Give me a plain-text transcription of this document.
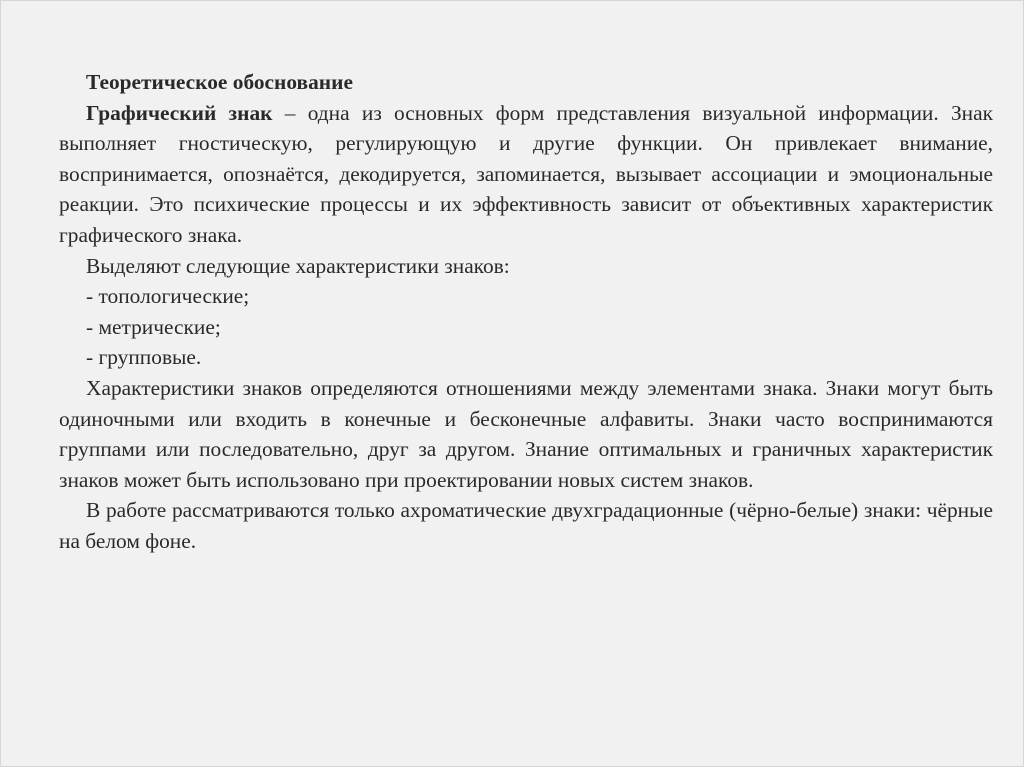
Теоретическое обоснование

Графический знак – одна из основных форм представления визуальной информации. Знак выполняет гностическую, регулирующую и другие функции. Он привлекает внимание, воспринимается, опознаётся, декодируется, запоминается, вызывает ассоциации и эмоциональные реакции. Это психические процессы и их эффективность зависит от объективных характеристик графического знака.

Выделяют следующие характеристики знаков:

- топологические;

- метрические;

- групповые.

Характеристики знаков определяются отношениями между элементами знака. Знаки могут быть одиночными или входить в конечные и бесконечные алфавиты. Знаки часто воспринимаются группами или последовательно, друг за другом. Знание оптимальных и граничных характеристик знаков может быть использовано при проектировании новых систем знаков.

В работе рассматриваются только ахроматические двухградационные (чёрно-белые) знаки: чёрные на белом фоне.
